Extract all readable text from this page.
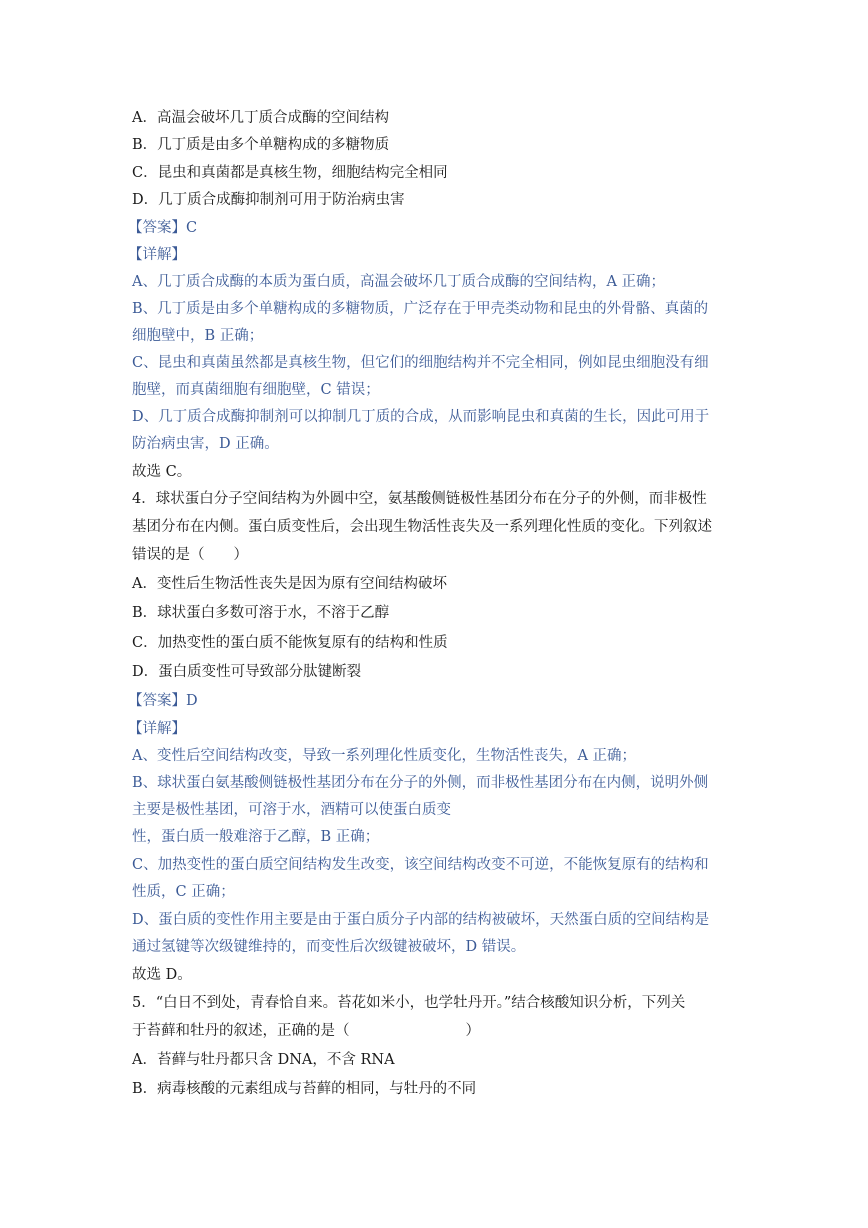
A．高温会破坏几丁质合成酶的空间结构
B．几丁质是由多个单糖构成的多糖物质
C．昆虫和真菌都是真核生物，细胞结构完全相同
D．几丁质合成酶抑制剂可用于防治病虫害
【答案】C
【详解】
A、几丁质合成酶的本质为蛋白质，高温会破坏几丁质合成酶的空间结构，A 正确；
B、几丁质是由多个单糖构成的多糖物质，广泛存在于甲壳类动物和昆虫的外骨骼、真菌的
细胞壁中，B 正确；
C、昆虫和真菌虽然都是真核生物，但它们的细胞结构并不完全相同，例如昆虫细胞没有细
胞壁，而真菌细胞有细胞壁，C 错误；
D、几丁质合成酶抑制剂可以抑制几丁质的合成，从而影响昆虫和真菌的生长，因此可用于
防治病虫害，D 正确。
故选 C。
4．球状蛋白分子空间结构为外圆中空，氨基酸侧链极性基团分布在分子的外侧，而非极性
基团分布在内侧。蛋白质变性后，会出现生物活性丧失及一系列理化性质的变化。下列叙述
错误的是（　　）
A．变性后生物活性丧失是因为原有空间结构破坏
B．球状蛋白多数可溶于水，不溶于乙醇
C．加热变性的蛋白质不能恢复原有的结构和性质
D．蛋白质变性可导致部分肽键断裂
【答案】D
【详解】
A、变性后空间结构改变，导致一系列理化性质变化，生物活性丧失，A 正确；
B、球状蛋白氨基酸侧链极性基团分布在分子的外侧，而非极性基团分布在内侧，说明外侧
主要是极性基团，可溶于水，酒精可以使蛋白质变
性，蛋白质一般难溶于乙醇，B 正确；
C、加热变性的蛋白质空间结构发生改变，该空间结构改变不可逆，不能恢复原有的结构和
性质，C 正确；
D、蛋白质的变性作用主要是由于蛋白质分子内部的结构被破坏，天然蛋白质的空间结构是
通过氢键等次级键维持的，而变性后次级键被破坏，D 错误。
故选 D。
5．“白日不到处，青春恰自来。苔花如米小，也学牡丹开。”结合核酸知识分析，下列关
于苔藓和牡丹的叙述，正确的是（　　　　　　　　）
A．苔藓与牡丹都只含 DNA，不含 RNA
B．病毒核酸的元素组成与苔藓的相同，与牡丹的不同
